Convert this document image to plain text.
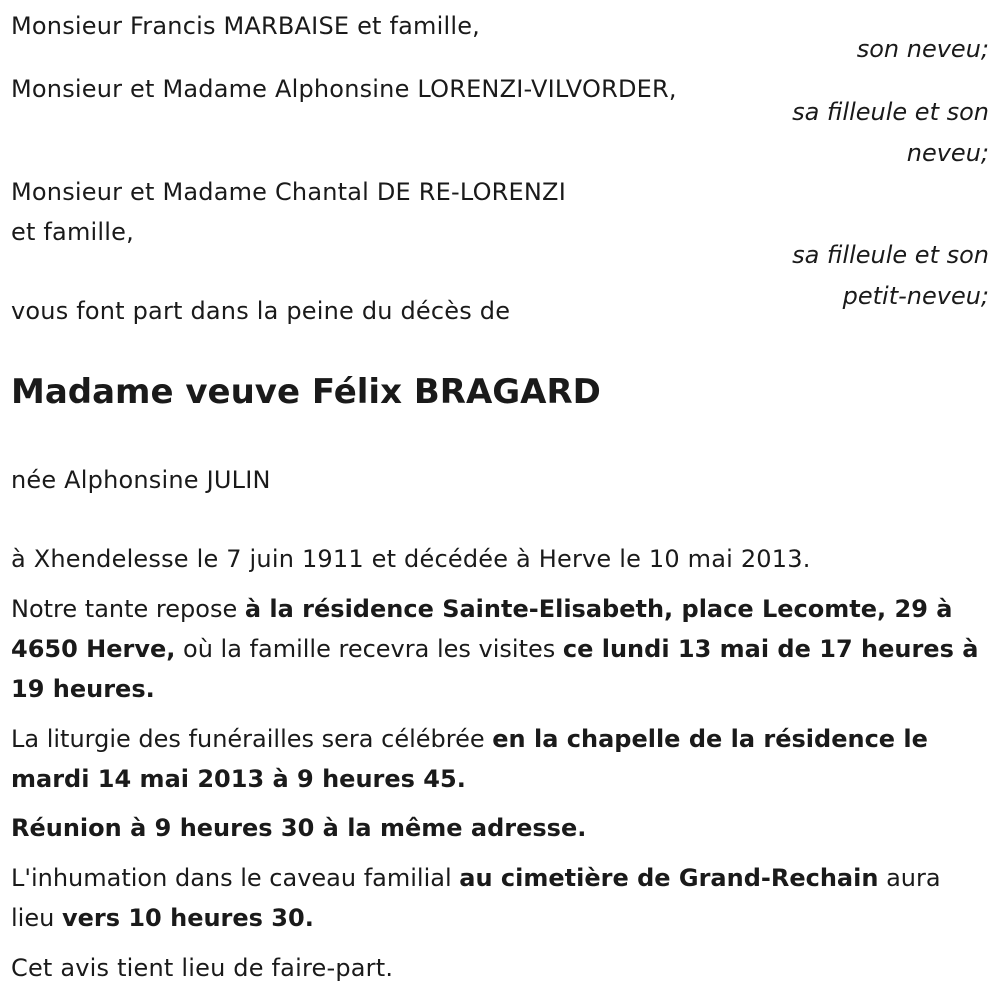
Monsieur Francis MARBAISE et famille,
son neveu;
Monsieur et Madame Alphonsine LORENZI-VILVORDER,
sa filleule et son
neveu;
Monsieur et Madame Chantal DE RE-LORENZI
et famille,
sa filleule et son
petit-neveu;
vous font part dans la peine du décès de
Madame veuve Félix BRAGARD
née Alphonsine JULIN
à Xhendelesse le 7 juin 1911 et décédée à Herve le 10 mai 2013.
Notre tante repose à la résidence Sainte-Elisabeth, place Lecomte, 29 à 4650 Herve, où la famille recevra les visites ce lundi 13 mai de 17 heures à 19 heures.
La liturgie des funérailles sera célébrée en la chapelle de la résidence le mardi 14 mai 2013 à 9 heures 45.
Réunion à 9 heures 30 à la même adresse.
L'inhumation dans le caveau familial au cimetière de Grand-Rechain aura lieu vers 10 heures 30.
Cet avis tient lieu de faire-part.
